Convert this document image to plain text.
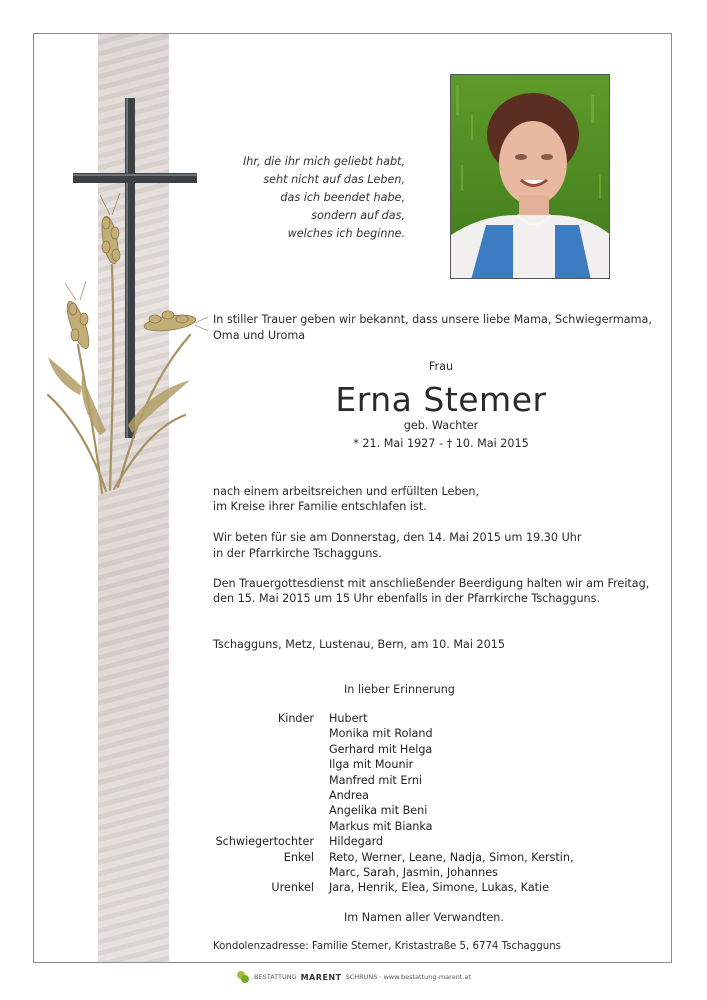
Ihr, die ihr mich geliebt habt,
seht nicht auf das Leben,
das ich beendet habe,
sondern auf das,
welches ich beginne.
In stiller Trauer geben wir bekannt, dass unsere liebe Mama, Schwiegermama,
Oma und Uroma
Frau
Erna Stemer
geb. Wachter
* 21. Mai 1927 - † 10. Mai 2015
nach einem arbeitsreichen und erfüllten Leben,
im Kreise ihrer Familie entschlafen ist.
Wir beten für sie am Donnerstag, den 14. Mai 2015 um 19.30 Uhr
in der Pfarrkirche Tschagguns.
Den Trauergottesdienst mit anschließender Beerdigung halten wir am Freitag,
den 15. Mai 2015 um 15 Uhr ebenfalls in der Pfarrkirche Tschagguns.
Tschagguns, Metz, Lustenau, Bern, am 10. Mai 2015
In lieber Erinnerung
Kinder	Hubert
Monika mit Roland
Gerhard mit Helga
Ilga mit Mounir
Manfred mit Erni
Andrea
Angelika mit Beni
Markus mit Bianka
Schwiegertochter	Hildegard
Enkel	Reto, Werner, Leane, Nadja, Simon, Kerstin,
Marc, Sarah, Jasmin, Johannes
Urenkel	Jara, Henrik, Elea, Simone, Lukas, Katie
Im Namen aller Verwandten.
Kondolenzadresse: Familie Stemer, Kristastraße 5, 6774 Tschagguns
BESTATTUNG MARENT SCHRUNS · www.bestattung-marent.at
